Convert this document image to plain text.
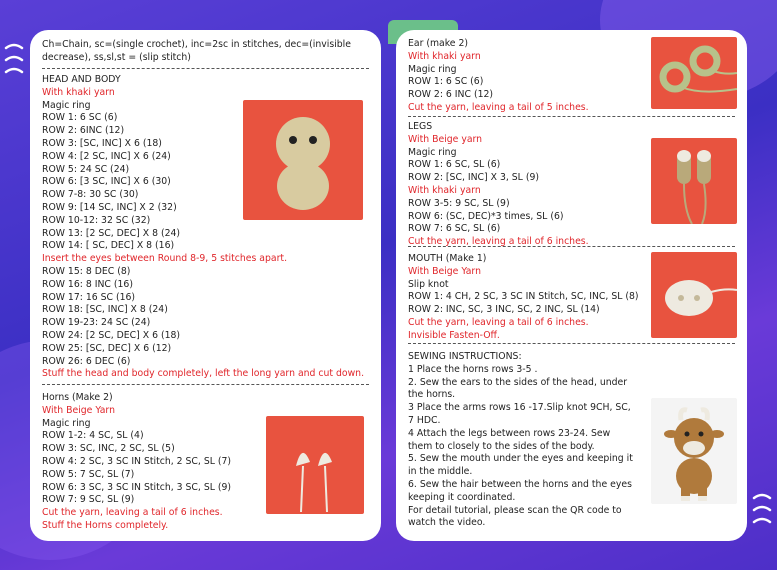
Ch=Chain, sc=(single crochet), inc=2sc in stitches, dec=(invisible decrease), ss,sl,st = (slip stitch)
HEAD AND BODY
With khaki yarn
Magic ring
ROW 1: 6 SC (6)
ROW 2: 6INC (12)
ROW 3: [SC, INC] X 6 (18)
ROW 4: [2 SC, INC] X 6 (24)
ROW 5: 24 SC (24)
ROW 6: [3 SC, INC] X 6 (30)
ROW 7-8: 30 SC (30)
ROW 9: [14 SC, INC] X 2 (32)
ROW 10-12: 32 SC (32)
ROW 13: [2 SC, DEC] X 8 (24)
ROW 14: [ SC, DEC] X 8 (16)
Insert the eyes between Round 8-9, 5 stitches apart.
ROW 15: 8 DEC (8)
ROW 16: 8 INC (16)
ROW 17: 16 SC (16)
ROW 18: [SC, INC] X 8 (24)
ROW 19-23: 24 SC (24)
ROW 24: [2 SC, DEC] X 6 (18)
ROW 25: [SC, DEC] X 6 (12)
ROW 26: 6 DEC (6)
Stuff the head and body completely, left the long yarn and cut down.
Horns (Make 2)
With Beige Yarn
Magic ring
ROW 1-2: 4 SC, SL (4)
ROW 3: SC, INC, 2 SC, SL (5)
ROW 4: 2 SC, 3 SC IN Stitch, 2 SC, SL (7)
ROW 5: 7 SC, SL (7)
ROW 6: 3 SC, 3 SC IN Stitch, 3 SC, SL (9)
ROW 7: 9 SC, SL (9)
Cut the yarn, leaving a tail of 6 inches.
Stuff the Horns completely.
Ear (make 2)
With khaki yarn
Magic ring
ROW 1: 6 SC (6)
ROW 2: 6 INC (12)
Cut the yarn, leaving a tail of 5 inches.
LEGS
With Beige yarn
Magic ring
ROW 1: 6 SC, SL (6)
ROW 2: [SC, INC] X 3, SL (9)
With khaki yarn
ROW 3-5: 9 SC, SL (9)
ROW 6: (SC, DEC)*3 times, SL (6)
ROW 7: 6 SC, SL (6)
Cut the yarn, leaving a tail of 6 inches.
MOUTH (Make 1)
With Beige Yarn
Slip knot
ROW 1: 4 CH, 2 SC, 3 SC IN Stitch, SC, INC, SL (8)
ROW 2: INC, SC, 3 INC, SC, 2 INC, SL (14)
Cut the yarn, leaving a tail of 6 inches.
Invisible Fasten-Off.
SEWING INSTRUCTIONS:
1 Place the horns rows 3-5 .
2. Sew the ears to the sides of the head, under the horns.
3 Place the arms rows 16 -17.Slip knot 9CH, SC, 7 HDC.
4 Attach the legs between rows 23-24. Sew them to closely to the sides of the body.
5. Sew the mouth under the eyes and keeping it in the middle.
6. Sew the hair between the horns and the eyes keeping it coordinated.
For detail tutorial, please scan the QR code to watch the video.
